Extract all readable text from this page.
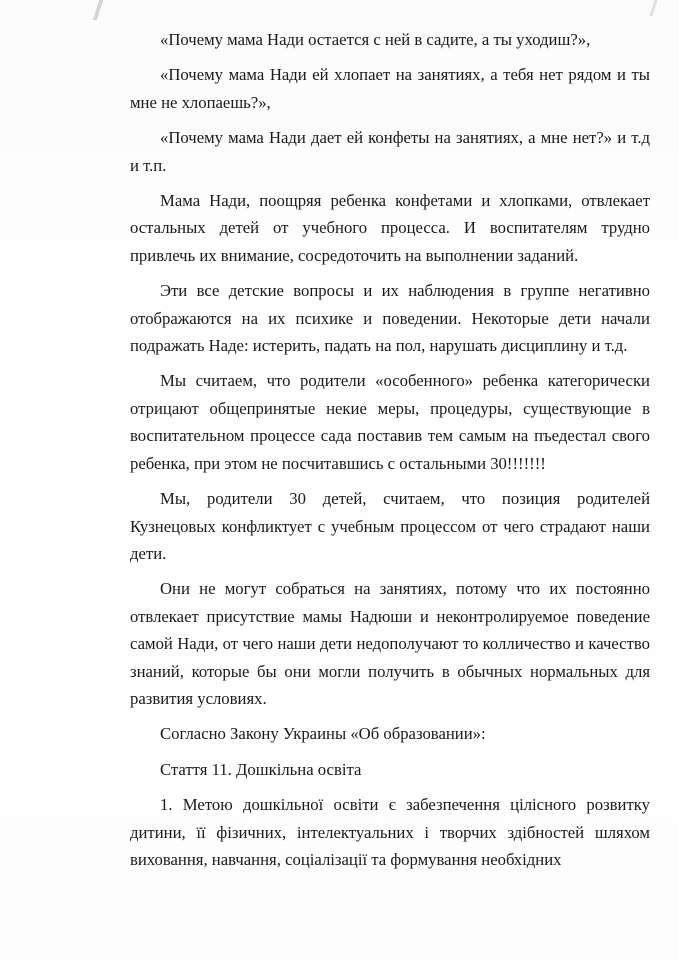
«Почему мама Нади остается с ней в садите, а ты уходиш?»,

«Почему мама Нади ей хлопает на занятиях, а тебя нет рядом и ты мне не хлопаешь?»,

«Почему мама Нади дает ей конфеты на занятиях, а мне нет?» и т.д и т.п.

Мама Нади, поощряя ребенка конфетами и хлопками, отвлекает остальных детей от учебного процесса. И воспитателям трудно привлечь их внимание, сосредоточить на выполнении заданий.

Эти все детские вопросы и их наблюдения в группе негативно отображаются на их психике и поведении. Некоторые дети начали подражать Наде: истерить, падать на пол, нарушать дисциплину и т.д.

Мы считаем, что родители «особенного» ребенка категорически отрицают общепринятые некие меры, процедуры, существующие в воспитательном процессе сада поставив тем самым на пъедестал свого ребенка, при этом не посчитавшись с остальными 30!!!!!!!

Мы, родители 30 детей, считаем, что позиция родителей Кузнецовых конфликтует с учебным процессом от чего страдают наши дети.

Они не могут собраться на занятиях, потому что их постоянно отвлекает присутствие мамы Надюши и неконтролируемое поведение самой Нади, от чего наши дети недополучают то колличество и качество знаний, которые бы они могли получить в обычных нормальных для развития условиях.

Согласно Закону Украины «Об образовании»:

Стаття 11. Дошкільна освіта

1. Метою дошкільної освіти є забезпечення цілісного розвитку дитини, її фізичних, інтелектуальних і творчих здібностей шляхом виховання, навчання, соціалізації та формування необхідних
